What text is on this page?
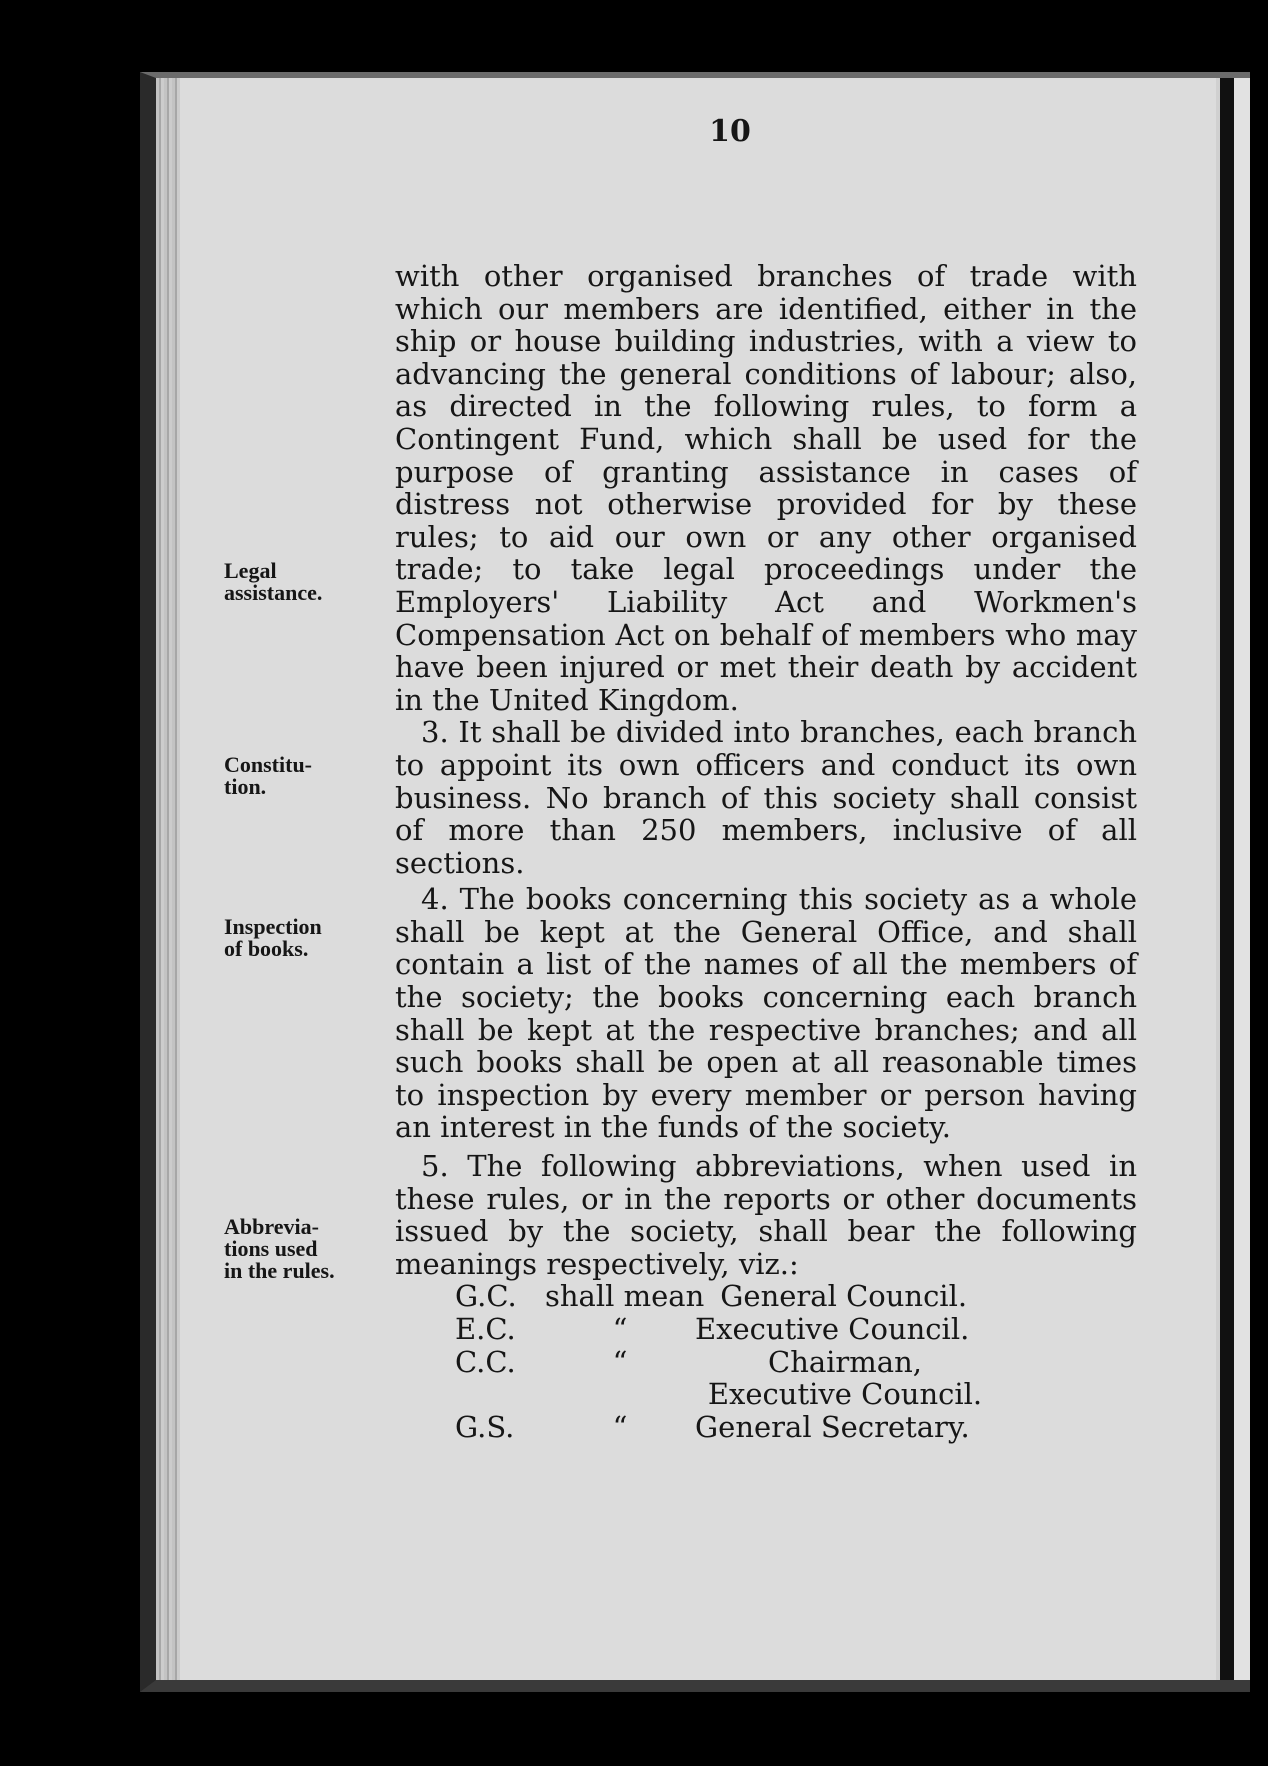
10
Legal
assistance.
Constitu-
tion.
Inspection
of books.
Abbrevia-
tions used
in the rules.

with other organised branches of trade with which our members are identified, either in the ship or house building industries, with a view to advancing the general conditions of labour; also, as directed in the following rules, to form a Contingent Fund, which shall be used for the purpose of granting assistance in cases of distress not otherwise provided for by these rules; to aid our own or any other organised trade; to take legal proceedings under the Employers' Liability Act and Workmen's Compensation Act on behalf of members who may have been injured or met their death by accident in the United Kingdom.

3. It shall be divided into branches, each branch to appoint its own officers and conduct its own business. No branch of this society shall consist of more than 250 members, inclusive of all sections.

4. The books concerning this society as a whole shall be kept at the General Office, and shall contain a list of the names of all the members of the society; the books concerning each branch shall be kept at the respective branches; and all such books shall be open at all reasonable times to inspection by every member or person having an interest in the funds of the society.

5. The following abbreviations, when used in these rules, or in the reports or other documents issued by the society, shall bear the following meanings respectively, viz.:

G.C. shall mean General Council.
E.C.	“	Executive Council.
C.C.	“	Chairman, Executive Council.
G.S.	“	General Secretary.
